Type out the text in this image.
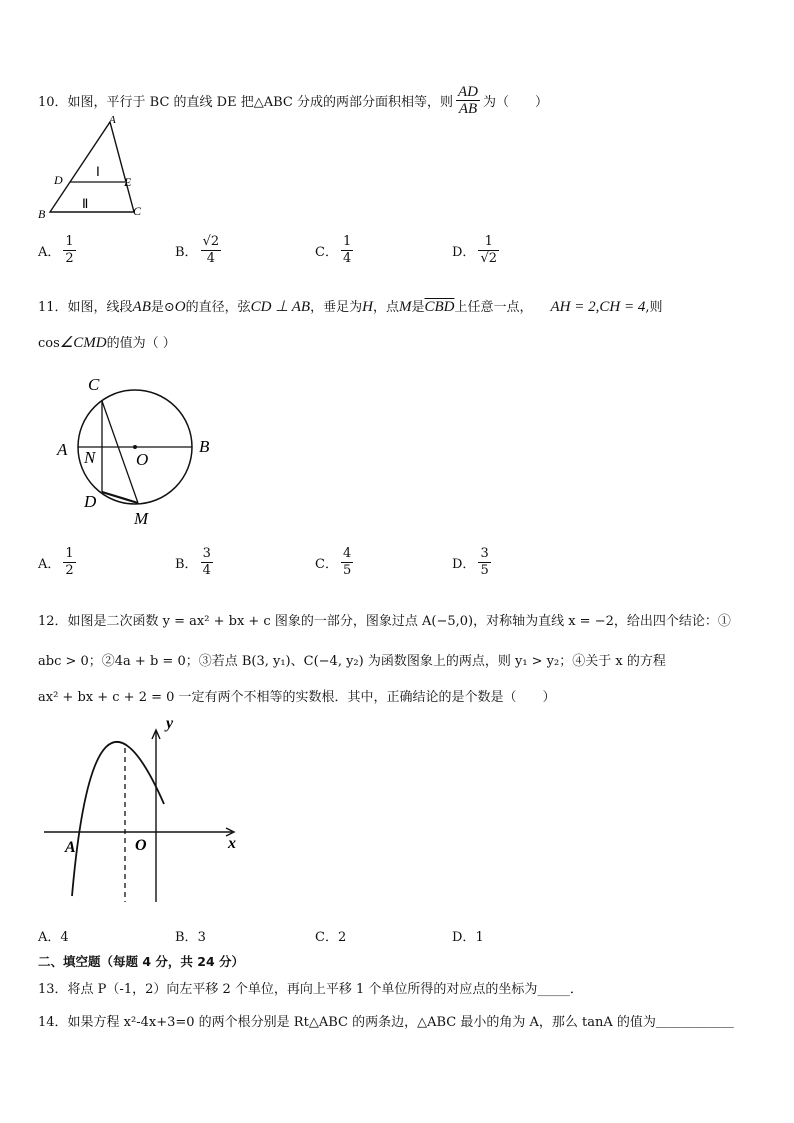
10．如图，平行于 BC 的直线 DE 把△ABC 分成的两部分面积相等，则 $\frac{AD}{AB}$ 为（　　）
A
B	C
D	E
Ⅰ
Ⅱ
A． $\frac{1}{2}$	B． $\frac{√2}{4}$	C． $\frac{1}{4}$	D． $\frac{1}{√2}$
11．如图，线段AB是⊙O的直径，弦CD ⊥ AB，垂足为H，点M是$\overline{CBD}$上任意一点， AH = 2,CH = 4,则
cos∠CMD的值为（ ）
C
A N O
B
D
M
A． $\frac{1}{2}$	B． $\frac{3}{4}$	C． $\frac{4}{5}$	D． $\frac{3}{5}$
12．如图是二次函数 y = ax² + bx + c 图象的一部分，图象过点 A(−5,0)，对称轴为直线 x = −2，给出四个结论：①
abc > 0；②4a + b = 0；③若点 B(3, y₁)、C(−4, y₂) 为函数图象上的两点，则 y₁ > y₂；④关于 x 的方程
ax² + bx + c + 2 = 0 一定有两个不相等的实数根．其中，正确结论的是个数是（　　）
y
x
A	O
A．4	B．3	C．2	D．1
二、填空题（每题 4 分，共 24 分）
13．将点 P（-1，2）向左平移 2 个单位，再向上平移 1 个单位所得的对应点的坐标为_____．
14．如果方程 x²-4x+3=0 的两个根分别是 Rt△ABC 的两条边，△ABC 最小的角为 A，那么 tanA 的值为＿＿＿＿＿＿
